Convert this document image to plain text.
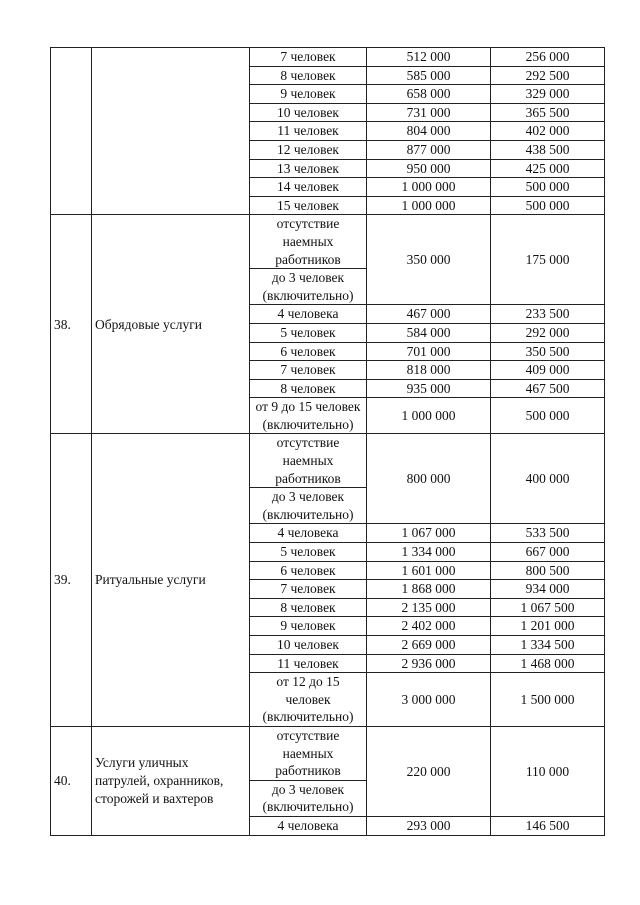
		7 человек	512 000	256 000
		8 человек	585 000	292 500
		9 человек	658 000	329 000
		10 человек	731 000	365 500
		11 человек	804 000	402 000
		12 человек	877 000	438 500
		13 человек	950 000	425 000
		14 человек	1 000 000	500 000
		15 человек	1 000 000	500 000
38.	Обрядовые услуги	отсутствие наемных работников	350 000	175 000
		до 3 человек (включительно)		
		4 человека	467 000	233 500
		5 человек	584 000	292 000
		6 человек	701 000	350 500
		7 человек	818 000	409 000
		8 человек	935 000	467 500
		от 9 до 15 человек (включительно)	1 000 000	500 000
39.	Ритуальные услуги	отсутствие наемных работников	800 000	400 000
		до 3 человек (включительно)		
		4 человека	1 067 000	533 500
		5 человек	1 334 000	667 000
		6 человек	1 601 000	800 500
		7 человек	1 868 000	934 000
		8 человек	2 135 000	1 067 500
		9 человек	2 402 000	1 201 000
		10 человек	2 669 000	1 334 500
		11 человек	2 936 000	1 468 000
		от 12 до 15 человек (включительно)	3 000 000	1 500 000
40.	Услуги уличных патрулей, охранников, сторожей и вахтеров	отсутствие наемных работников	220 000	110 000
		до 3 человек (включительно)		
		4 человека	293 000	146 500
